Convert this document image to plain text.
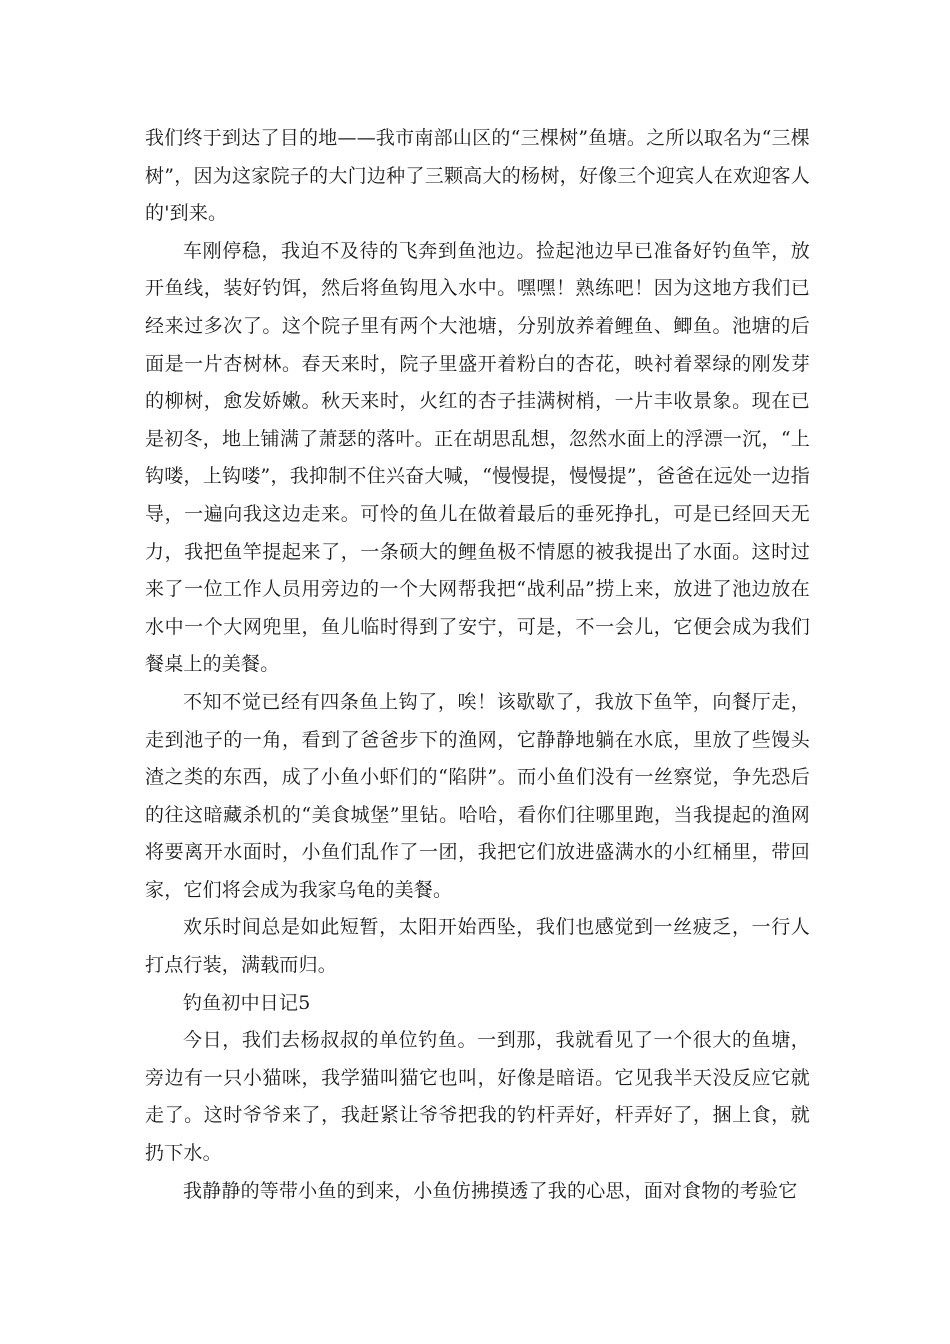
我们终于到达了目的地——我市南部山区的“三棵树”鱼塘。之所以取名为“三棵树”，因为这家院子的大门边种了三颗高大的杨树，好像三个迎宾人在欢迎客人的'到来。

车刚停稳，我迫不及待的飞奔到鱼池边。捡起池边早已准备好钓鱼竿，放开鱼线，装好钓饵，然后将鱼钩甩入水中。嘿嘿！熟练吧！因为这地方我们已经来过多次了。这个院子里有两个大池塘，分别放养着鲤鱼、鲫鱼。池塘的后面是一片杏树林。春天来时，院子里盛开着粉白的杏花，映衬着翠绿的刚发芽的柳树，愈发娇嫩。秋天来时，火红的杏子挂满树梢，一片丰收景象。现在已是初冬，地上铺满了萧瑟的落叶。正在胡思乱想，忽然水面上的浮漂一沉，“上钩喽，上钩喽”，我抑制不住兴奋大喊，“慢慢提，慢慢提”，爸爸在远处一边指导，一遍向我这边走来。可怜的鱼儿在做着最后的垂死挣扎，可是已经回天无力，我把鱼竿提起来了，一条硕大的鲤鱼极不情愿的被我提出了水面。这时过来了一位工作人员用旁边的一个大网帮我把“战利品”捞上来，放进了池边放在水中一个大网兜里，鱼儿临时得到了安宁，可是，不一会儿，它便会成为我们餐桌上的美餐。

不知不觉已经有四条鱼上钩了，唉！该歇歇了，我放下鱼竿，向餐厅走，走到池子的一角，看到了爸爸步下的渔网，它静静地躺在水底，里放了些馒头渣之类的东西，成了小鱼小虾们的“陷阱”。而小鱼们没有一丝察觉，争先恐后的往这暗藏杀机的“美食城堡”里钻。哈哈，看你们往哪里跑，当我提起的渔网将要离开水面时，小鱼们乱作了一团，我把它们放进盛满水的小红桶里，带回家，它们将会成为我家乌龟的美餐。

欢乐时间总是如此短暂，太阳开始西坠，我们也感觉到一丝疲乏，一行人打点行装，满载而归。

钓鱼初中日记5

今日，我们去杨叔叔的单位钓鱼。一到那，我就看见了一个很大的鱼塘，旁边有一只小猫咪，我学猫叫猫它也叫，好像是暗语。它见我半天没反应它就走了。这时爷爷来了，我赶紧让爷爷把我的钓杆弄好，杆弄好了，捆上食，就扔下水。

我静静的等带小鱼的到来，小鱼仿拂摸透了我的心思，面对食物的考验它
